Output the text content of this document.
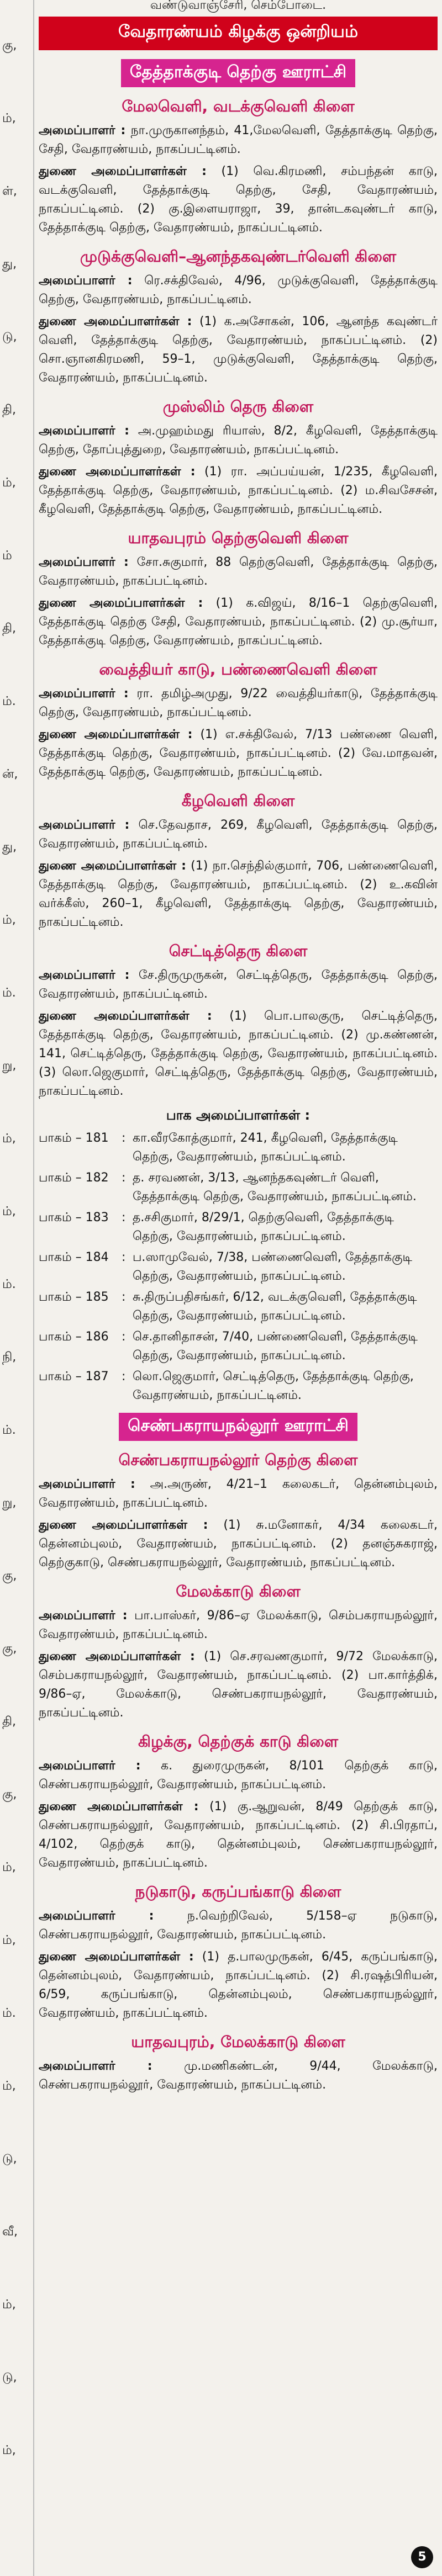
கு,
ம்,
ள்,
து,
டு,
தி,
ம்,
ம்
தி,
ம்.
ன்,
து,
ம்,
ம்.
று,
ம்,
ம்,
ம்.
நி,
ம்.
று,
கு,
கு,
தி,
கு,
ம்,
ம்,
ம்.
ம்,
டு,
வீ,
ம்,
டு,
ம்,
வண்டுவாஞ்சேரி, செம்போடை.
வேதாரண்யம் கிழக்கு ஒன்றியம்
தேத்தாக்குடி தெற்கு ஊராட்சி
மேலவெளி, வடக்குவெளி கிளை
அமைப்பாளர் : நா.முருகானந்தம், 41,மேலவெளி, தேத்தாக்குடி தெற்கு, சேதி, வேதாரண்யம், நாகப்பட்டினம்.
துணை அமைப்பாளர்கள் : (1) வெ.கிரமணி, சம்பந்தன் காடு, வடக்குவெளி, தேத்தாக்குடி தெற்கு, சேதி, வேதாரண்யம், நாகப்பட்டினம். (2) கு.இளையராஜா, 39, தான்டகவுண்டர் காடு, தேத்தாக்குடி தெற்கு, வேதாரண்யம், நாகப்பட்டினம்.
முடுக்குவெளி–ஆனந்தகவுண்டர்வெளி கிளை
அமைப்பாளர் : ரெ.சக்திவேல், 4/96, முடுக்குவெளி, தேத்தாக்குடி தெற்கு, வேதாரண்யம், நாகப்பட்டினம்.
துணை அமைப்பாளர்கள் : (1) க.அசோகன், 106, ஆனந்த கவுண்டர் வெளி, தேத்தாக்குடி தெற்கு, வேதாரண்யம், நாகப்பட்டினம். (2) சொ.ஞானகிரமணி, 59–1, முடுக்குவெளி, தேத்தாக்குடி தெற்கு, வேதாரண்யம், நாகப்பட்டினம்.
முஸ்லிம் தெரு கிளை
அமைப்பாளர் : அ.முஹம்மது ரியாஸ், 8/2, கீழவெளி, தேத்தாக்குடி தெற்கு, தோப்புத்துறை, வேதாரண்யம், நாகப்பட்டினம்.
துணை அமைப்பாளர்கள் : (1) ரா. அப்பய்யன், 1/235, கீழவெளி, தேத்தாக்குடி தெற்கு, வேதாரண்யம், நாகப்பட்டினம். (2) ம.சிவசேசன், கீழவெளி, தேத்தாக்குடி தெற்கு, வேதாரண்யம், நாகப்பட்டினம்.
யாதவபுரம் தெற்குவெளி கிளை
அமைப்பாளர் : சோ.சுகுமார், 88 தெற்குவெளி, தேத்தாக்குடி தெற்கு, வேதாரண்யம், நாகப்பட்டினம்.
துணை அமைப்பாளர்கள் : (1) க.விஜய், 8/16–1 தெற்குவெளி, தேத்தாக்குடி தெற்கு சேதி, வேதாரண்யம், நாகப்பட்டினம். (2) மு.சூர்யா, தேத்தாக்குடி தெற்கு, வேதாரண்யம், நாகப்பட்டினம்.
வைத்தியர் காடு, பண்ணைவெளி கிளை
அமைப்பாளர் : ரா. தமிழ்அமுது, 9/22 வைத்தியர்காடு, தேத்தாக்குடி தெற்கு, வேதாரண்யம், நாகப்பட்டினம்.
துணை அமைப்பாளர்கள் : (1) எ.சக்திவேல், 7/13 பண்ணை வெளி, தேத்தாக்குடி தெற்கு, வேதாரண்யம், நாகப்பட்டினம். (2) வே.மாதவன், தேத்தாக்குடி தெற்கு, வேதாரண்யம், நாகப்பட்டினம்.
கீழவெளி கிளை
அமைப்பாளர் : செ.தேவதாச, 269, கீழவெளி, தேத்தாக்குடி தெற்கு, வேதாரண்யம், நாகப்பட்டினம்.
துணை அமைப்பாளர்கள் : (1) நா.செந்தில்குமார், 706, பண்ணைவெளி, தேத்தாக்குடி தெற்கு, வேதாரண்யம், நாகப்பட்டினம். (2) உ.கவின் வர்க்கீஸ், 260–1, கீழவெளி, தேத்தாக்குடி தெற்கு, வேதாரண்யம், நாகப்பட்டினம்.
செட்டித்தெரு கிளை
அமைப்பாளர் : சே.திருமுருகன், செட்டித்தெரு, தேத்தாக்குடி தெற்கு, வேதாரண்யம், நாகப்பட்டினம்.
துணை அமைப்பாளர்கள் : (1) பொ.பாலகுரு, செட்டித்தெரு, தேத்தாக்குடி தெற்கு, வேதாரண்யம், நாகப்பட்டினம். (2) மு.கண்ணன், 141, செட்டித்தெரு, தேத்தாக்குடி தெற்கு, வேதாரண்யம், நாகப்பட்டினம். (3) லொ.ஜெகுமார், செட்டித்தெரு, தேத்தாக்குடி தெற்கு, வேதாரண்யம், நாகப்பட்டினம்.
பாக அமைப்பாளர்கள் :
பாகம் – 181	: கா.வீரகோத்குமார், 241, கீழவெளி, தேத்தாக்குடி தெற்கு, வேதாரண்யம், நாகப்பட்டினம்.
பாகம் – 182	: த. சரவணன், 3/13, ஆனந்தகவுண்டர் வெளி, தேத்தாக்குடி தெற்கு, வேதாரண்யம், நாகப்பட்டினம்.
பாகம் – 183	: த.சசிகுமார், 8/29/1, தெற்குவெளி, தேத்தாக்குடி தெற்கு, வேதாரண்யம், நாகப்பட்டினம்.
பாகம் – 184	: ப.ஸாமுவேல், 7/38, பண்ணைவெளி, தேத்தாக்குடி தெற்கு, வேதாரண்யம், நாகப்பட்டினம்.
பாகம் – 185	: சு.திருப்பதிசங்கர், 6/12, வடக்குவெளி, தேத்தாக்குடி தெற்கு, வேதாரண்யம், நாகப்பட்டினம்.
பாகம் – 186	: செ.தானிதாசன், 7/40, பண்ணைவெளி, தேத்தாக்குடி தெற்கு, வேதாரண்யம், நாகப்பட்டினம்.
பாகம் – 187	: லொ.ஜெகுமார், செட்டித்தெரு, தேத்தாக்குடி தெற்கு, வேதாரண்யம், நாகப்பட்டினம்.
செண்பகராயநல்லூர் ஊராட்சி
செண்பகராயநல்லூர் தெற்கு கிளை
அமைப்பாளர் : அ.அருண், 4/21–1 கலைகடர், தென்னம்புலம், வேதாரண்யம், நாகப்பட்டினம்.
துணை அமைப்பாளர்கள் : (1) சு.மனோகர், 4/34 கலைகடர், தென்னம்புலம், வேதாரண்யம், நாகப்பட்டினம். (2) தனஞ்சுகராஜ், தெற்குகாடு, செண்பகராயநல்லூர், வேதாரண்யம், நாகப்பட்டினம்.
மேலக்காடு கிளை
அமைப்பாளர் : பா.பாஸ்கர், 9/86–ஏ மேலக்காடு, செம்பகராயநல்லூர், வேதாரண்யம், நாகப்பட்டினம்.
துணை அமைப்பாளர்கள் : (1) செ.சரவணகுமார், 9/72 மேலக்காடு, செம்பகராயநல்லூர், வேதாரண்யம், நாகப்பட்டினம். (2) பா.கார்த்திக், 9/86–ஏ, மேலக்காடு, செண்பகராயநல்லூர், வேதாரண்யம், நாகப்பட்டினம்.
கிழக்கு, தெற்குக் காடு கிளை
அமைப்பாளர் : க. துரைமுருகன், 8/101 தெற்குக் காடு, செண்பகராயநல்லூர், வேதாரண்யம், நாகப்பட்டினம்.
துணை அமைப்பாளர்கள் : (1) கு.ஆறுவன், 8/49 தெற்குக் காடு, செண்பகராயநல்லூர், வேதாரண்யம், நாகப்பட்டினம். (2) சி.பிரதாப், 4/102, தெற்குக் காடு, தென்னம்புலம், செண்பகராயநல்லூர், வேதாரண்யம், நாகப்பட்டினம்.
நடுகாடு, கருப்பங்காடு கிளை
அமைப்பாளர் : ந.வெற்றிவேல், 5/158–ஏ நடுகாடு, செண்பகராயநல்லூர், வேதாரண்யம், நாகப்பட்டினம்.
துணை அமைப்பாளர்கள் : (1) த.பாலமுருகன், 6/45, கருப்பங்காடு, தென்னம்புலம், வேதாரண்யம், நாகப்பட்டினம். (2) சி.ரஷத்பிரியன், 6/59, கருப்பங்காடு, தென்னம்புலம், செண்பகராயநல்லூர், வேதாரண்யம், நாகப்பட்டினம்.
யாதவபுரம், மேலக்காடு கிளை
அமைப்பாளர் : மு.மணிகண்டன், 9/44, மேலக்காடு, செண்பகராயநல்லூர், வேதாரண்யம், நாகப்பட்டினம்.
5
